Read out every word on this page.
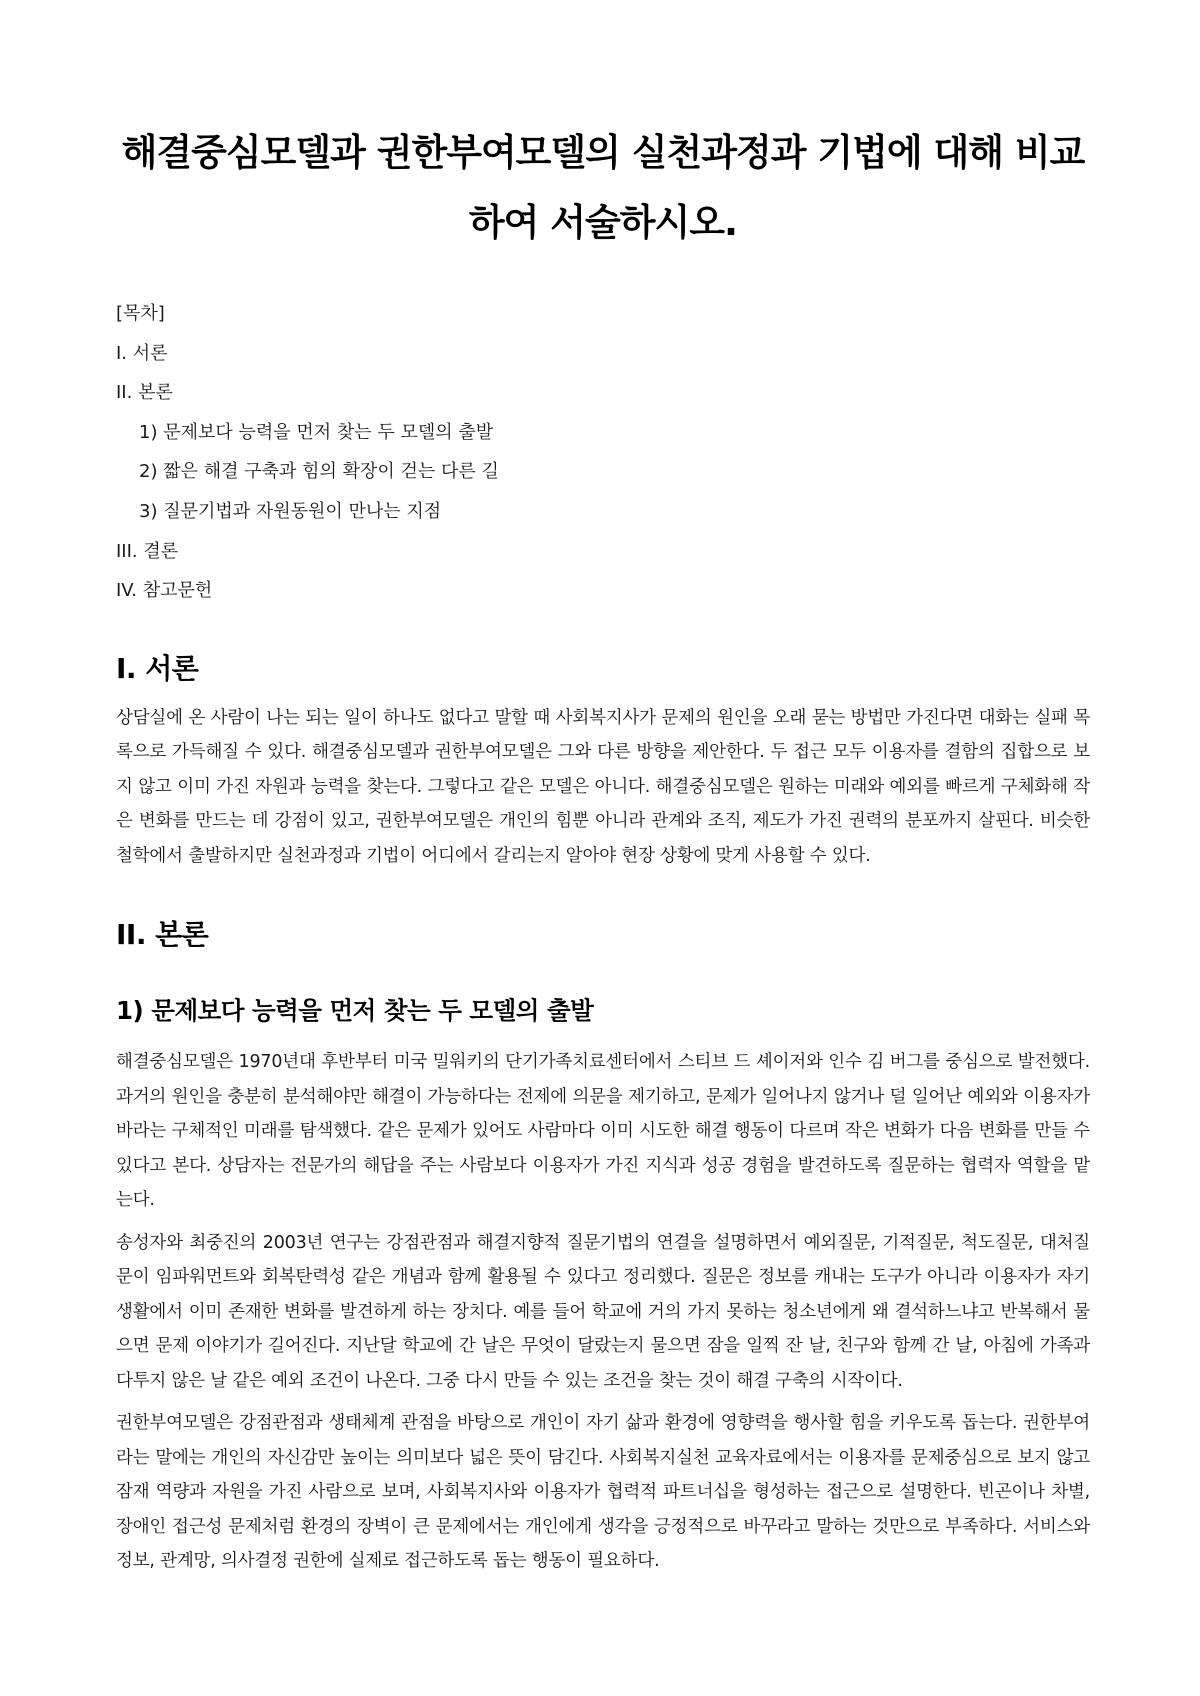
해결중심모델과 권한부여모델의 실천과정과 기법에 대해 비교하여 서술하시오.
[목차]
I. 서론
II. 본론
1) 문제보다 능력을 먼저 찾는 두 모델의 출발
2) 짧은 해결 구축과 힘의 확장이 걷는 다른 길
3) 질문기법과 자원동원이 만나는 지점
III. 결론
IV. 참고문헌
I. 서론

상담실에 온 사람이 나는 되는 일이 하나도 없다고 말할 때 사회복지사가 문제의 원인을 오래 묻는 방법만 가진다면 대화는 실패 목록으로 가득해질 수 있다. 해결중심모델과 권한부여모델은 그와 다른 방향을 제안한다. 두 접근 모두 이용자를 결함의 집합으로 보지 않고 이미 가진 자원과 능력을 찾는다. 그렇다고 같은 모델은 아니다. 해결중심모델은 원하는 미래와 예외를 빠르게 구체화해 작은 변화를 만드는 데 강점이 있고, 권한부여모델은 개인의 힘뿐 아니라 관계와 조직, 제도가 가진 권력의 분포까지 살핀다. 비슷한 철학에서 출발하지만 실천과정과 기법이 어디에서 갈리는지 알아야 현장 상황에 맞게 사용할 수 있다.

II. 본론
1) 문제보다 능력을 먼저 찾는 두 모델의 출발

해결중심모델은 1970년대 후반부터 미국 밀워키의 단기가족치료센터에서 스티브 드 셰이저와 인수 김 버그를 중심으로 발전했다. 과거의 원인을 충분히 분석해야만 해결이 가능하다는 전제에 의문을 제기하고, 문제가 일어나지 않거나 덜 일어난 예외와 이용자가 바라는 구체적인 미래를 탐색했다. 같은 문제가 있어도 사람마다 이미 시도한 해결 행동이 다르며 작은 변화가 다음 변화를 만들 수 있다고 본다. 상담자는 전문가의 해답을 주는 사람보다 이용자가 가진 지식과 성공 경험을 발견하도록 질문하는 협력자 역할을 맡는다.

송성자와 최중진의 2003년 연구는 강점관점과 해결지향적 질문기법의 연결을 설명하면서 예외질문, 기적질문, 척도질문, 대처질문이 임파워먼트와 회복탄력성 같은 개념과 함께 활용될 수 있다고 정리했다. 질문은 정보를 캐내는 도구가 아니라 이용자가 자기 생활에서 이미 존재한 변화를 발견하게 하는 장치다. 예를 들어 학교에 거의 가지 못하는 청소년에게 왜 결석하느냐고 반복해서 물으면 문제 이야기가 길어진다. 지난달 학교에 간 날은 무엇이 달랐는지 물으면 잠을 일찍 잔 날, 친구와 함께 간 날, 아침에 가족과 다투지 않은 날 같은 예외 조건이 나온다. 그중 다시 만들 수 있는 조건을 찾는 것이 해결 구축의 시작이다.

권한부여모델은 강점관점과 생태체계 관점을 바탕으로 개인이 자기 삶과 환경에 영향력을 행사할 힘을 키우도록 돕는다. 권한부여라는 말에는 개인의 자신감만 높이는 의미보다 넓은 뜻이 담긴다. 사회복지실천 교육자료에서는 이용자를 문제중심으로 보지 않고 잠재 역량과 자원을 가진 사람으로 보며, 사회복지사와 이용자가 협력적 파트너십을 형성하는 접근으로 설명한다. 빈곤이나 차별, 장애인 접근성 문제처럼 환경의 장벽이 큰 문제에서는 개인에게 생각을 긍정적으로 바꾸라고 말하는 것만으로 부족하다. 서비스와 정보, 관계망, 의사결정 권한에 실제로 접근하도록 돕는 행동이 필요하다.
